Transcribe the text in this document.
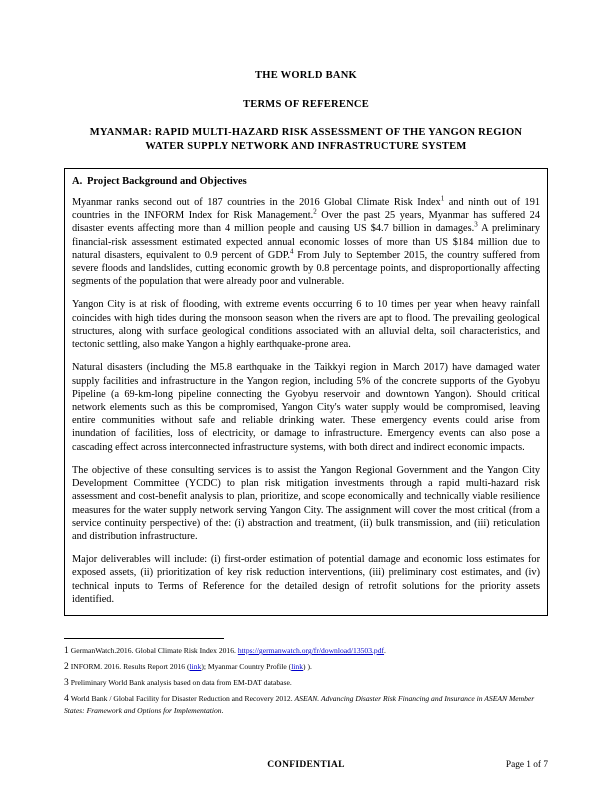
THE WORLD BANK
TERMS OF REFERENCE
MYANMAR: RAPID MULTI-HAZARD RISK ASSESSMENT OF THE YANGON REGION
WATER SUPPLY NETWORK AND INFRASTRUCTURE SYSTEM
A. Project Background and Objectives

Myanmar ranks second out of 187 countries in the 2016 Global Climate Risk Index$^1$ and ninth out of 191 countries in the INFORM Index for Risk Management.$^2$ Over the past 25 years, Myanmar has suffered 24 disaster events affecting more than 4 million people and causing US $4.7 billion in damages.$^3$ A preliminary financial-risk assessment estimated expected annual economic losses of more than US $184 million due to natural disasters, equivalent to 0.9 percent of GDP.$^4$ From July to September 2015, the country suffered from severe floods and landslides, cutting economic growth by 0.8 percentage points, and disproportionally affecting segments of the population that were already poor and vulnerable.

Yangon City is at risk of flooding, with extreme events occurring 6 to 10 times per year when heavy rainfall coincides with high tides during the monsoon season when the rivers are apt to flood. The prevailing geological structures, along with surface geological conditions associated with an alluvial delta, soil characteristics, and tectonic settling, also make Yangon a highly earthquake-prone area.

Natural disasters (including the M5.8 earthquake in the Taikkyi region in March 2017) have damaged water supply facilities and infrastructure in the Yangon region, including 5% of the concrete supports of the Gyobyu Pipeline (a 69-km-long pipeline connecting the Gyobyu reservoir and downtown Yangon). Should critical network elements such as this be compromised, Yangon City's water supply would be compromised, leaving entire communities without safe and reliable drinking water. These emergency events could arise from inundation of facilities, loss of electricity, or damage to infrastructure. Emergency events can also pose a cascading effect across interconnected infrastructure systems, with both direct and indirect economic impacts.

The objective of these consulting services is to assist the Yangon Regional Government and the Yangon City Development Committee (YCDC) to plan risk mitigation investments through a rapid multi-hazard risk assessment and cost-benefit analysis to plan, prioritize, and scope economically and technically viable resilience measures for the water supply network serving Yangon City. The assignment will cover the most critical (from a service continuity perspective) of the: (i) abstraction and treatment, (ii) bulk transmission, and (iii) reticulation and distribution infrastructure.

Major deliverables will include: (i) first-order estimation of potential damage and economic loss estimates for exposed assets, (ii) prioritization of key risk reduction interventions, (iii) preliminary cost estimates, and (iv) technical inputs to Terms of Reference for the detailed design of retrofit solutions for the priority assets identified.

1 GermanWatch.2016. Global Climate Risk Index 2016. https://germanwatch.org/fr/download/13503.pdf.
2 INFORM. 2016. Results Report 2016 (link); Myanmar Country Profile (link) ).
3 Preliminary World Bank analysis based on data from EM-DAT database.
4 World Bank / Global Facility for Disaster Reduction and Recovery 2012. ASEAN. Advancing Disaster Risk Financing and Insurance in ASEAN Member States: Framework and Options for Implementation.
CONFIDENTIAL	Page 1 of 7
